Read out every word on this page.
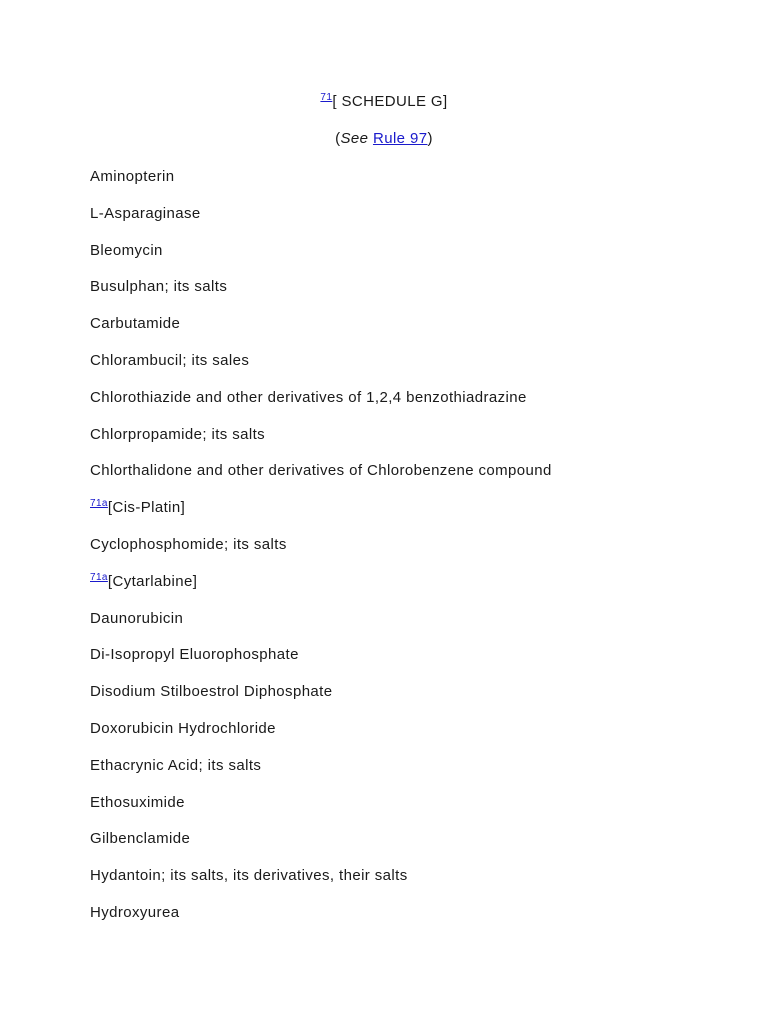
$^{71}$[ SCHEDULE G]
(See Rule 97)
Aminopterin
L-Asparaginase
Bleomycin
Busulphan; its salts
Carbutamide
Chlorambucil; its sales
Chlorothiazide and other derivatives of 1,2,4 benzothiadrazine
Chlorpropamide; its salts
Chlorthalidone and other derivatives of Chlorobenzene compound
$^{71a}$[Cis-Platin]
Cyclophosphomide; its salts
$^{71a}$[Cytarlabine]
Daunorubicin
Di-Isopropyl Eluorophosphate
Disodium Stilboestrol Diphosphate
Doxorubicin Hydrochloride
Ethacrynic Acid; its salts
Ethosuximide
Gilbenclamide
Hydantoin; its salts, its derivatives, their salts
Hydroxyurea
